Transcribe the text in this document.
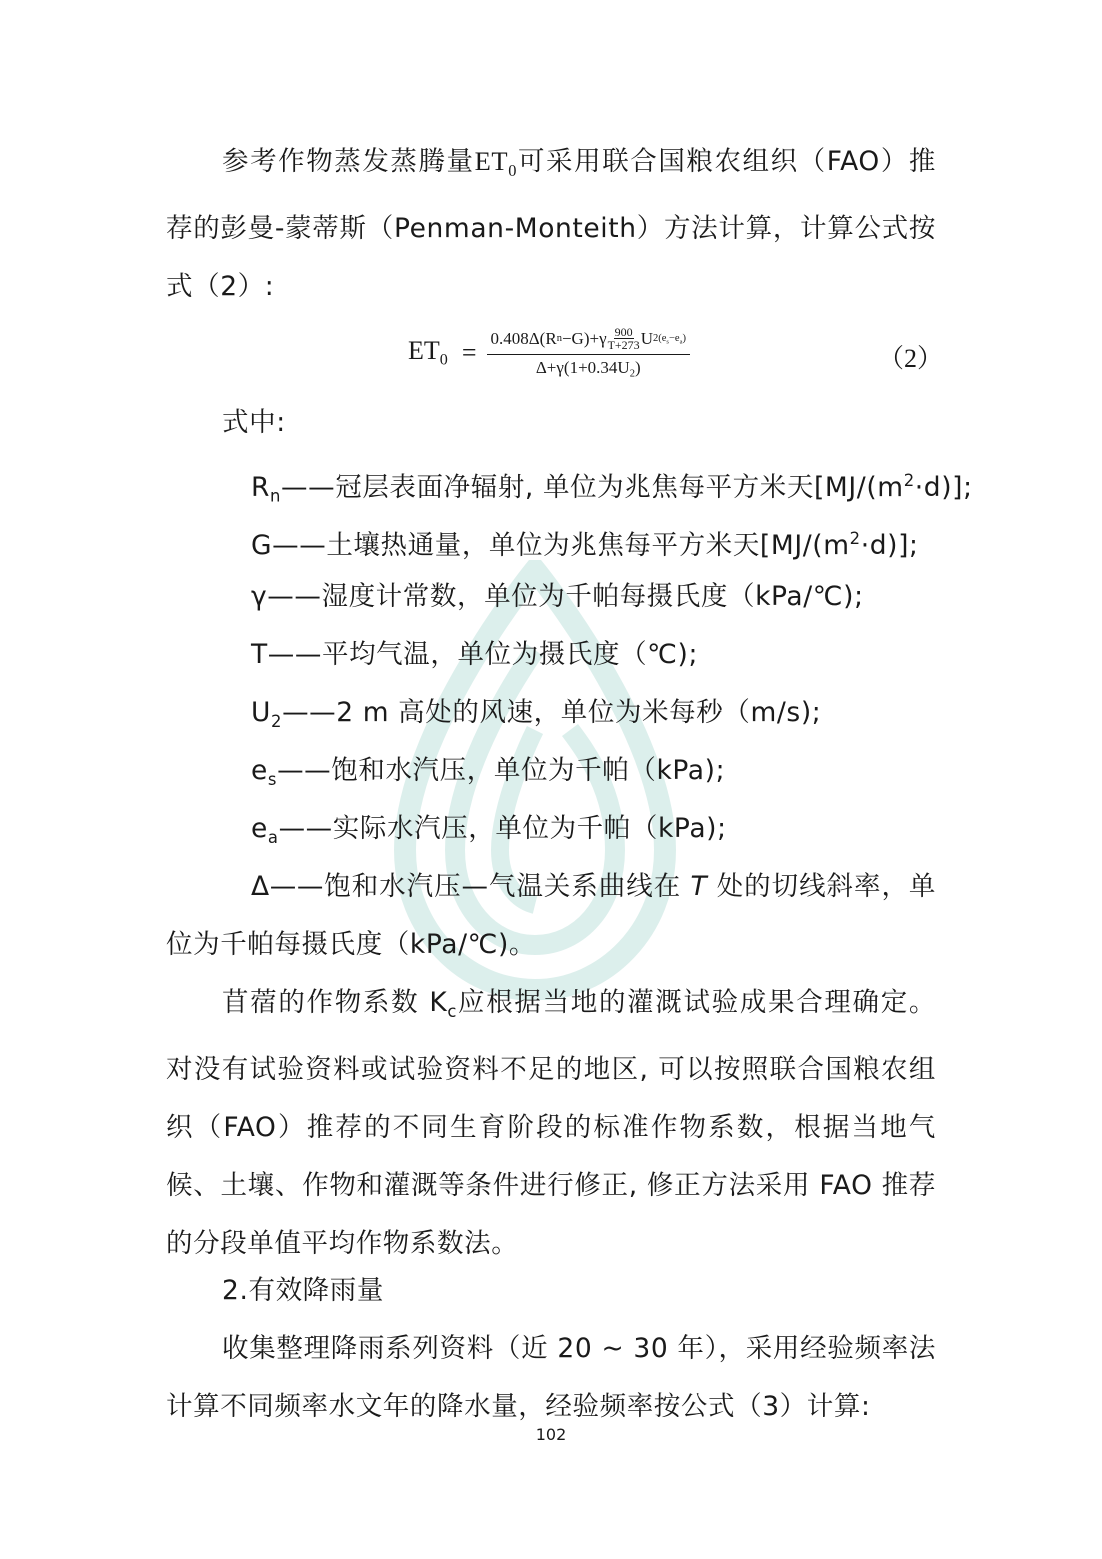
参考作物蒸发蒸腾量$ET_0$可采用联合国粮农组织（FAO）推荐的彭曼-蒙蒂斯（Penman-Monteith）方法计算，计算公式按式（2）:

$ET_0 = 0.408\Delta(R$ n −G)+γ 900
T+273 U $2(e_s-e_a)$
$\Delta+\gamma(1+0.34U_2)$	（2）
式中:
$R_n——$冠层表面净辐射, 单位为兆焦每平方米天$[MJ/(m^2\cdot d)]$;
G——土壤热通量，单位为兆焦每平方米天$[MJ/(m^2\cdot d)]$;
γ——湿度计常数，单位为千帕每摄氏度（kPa/℃);
T——平均气温，单位为摄氏度（℃);
$U_2——2$ m 高处的风速，单位为米每秒（m/s);
$e_s——$饱和水汽压，单位为千帕（kPa);
$e_a——$实际水汽压，单位为千帕（kPa);

Δ——饱和水汽压—气温关系曲线在 T 处的切线斜率，单位为千帕每摄氏度（kPa/℃)。

苜蓿的作物系数 $K_c$应根据当地的灌溉试验成果合理确定。对没有试验资料或试验资料不足的地区, 可以按照联合国粮农组织（FAO）推荐的不同生育阶段的标准作物系数，根据当地气候、土壤、作物和灌溉等条件进行修正, 修正方法采用 FAO 推荐的分段单值平均作物系数法。

2.有效降雨量

收集整理降雨系列资料（近 20 ~ 30 年），采用经验频率法计算不同频率水文年的降水量，经验频率按公式（3）计算:

102
